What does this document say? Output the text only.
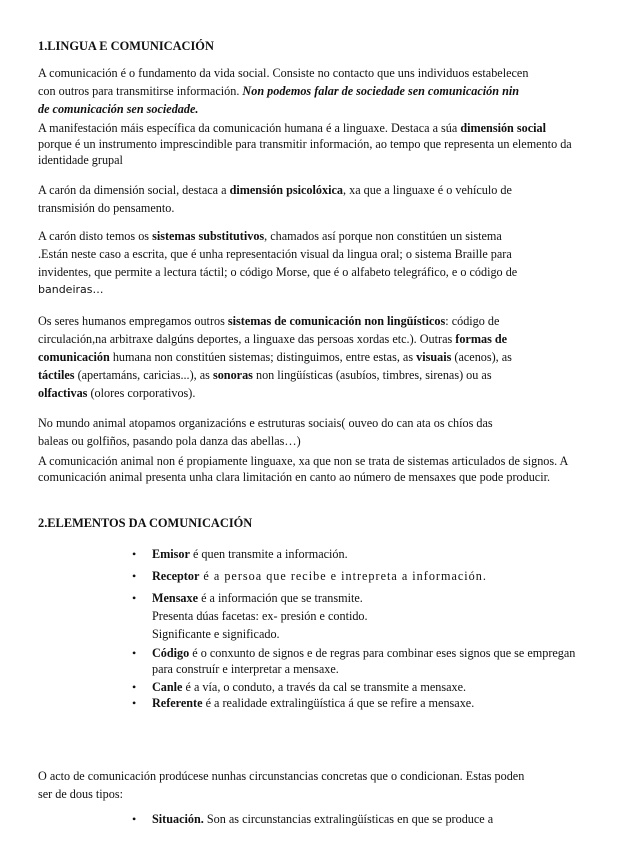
1.LINGUA E COMUNICACIÓN
A comunicación é o fundamento da vida social. Consiste no contacto que uns individuos estabelecen
con outros para transmitirse información. Non podemos falar de sociedade sen comunicación nin
de comunicación sen sociedade.
A manifestación máis específica da comunicación humana é a linguaxe. Destaca a súa dimensión social
porque é un instrumento imprescindible para transmitir información, ao tempo que representa un elemento da
identidade grupal
A carón da dimensión social, destaca a dimensión psicolóxica, xa que a linguaxe é o vehículo de
transmisión do pensamento.
A carón disto temos os sistemas substitutivos, chamados así porque non constitúen un sistema
.Están neste caso a escrita, que é unha representación visual da lingua oral; o sistema Braille para
invidentes, que permite a lectura táctil; o código Morse, que é o alfabeto telegráfico, e o código de
bandeiras…
Os seres humanos empregamos outros sistemas de comunicación non lingüísticos: código de
circulación,na arbitraxe dalgúns deportes, a linguaxe das persoas xordas etc.). Outras formas de
comunicación humana non constitúen sistemas; distinguimos, entre estas, as visuais (acenos), as
táctiles (apertamáns, caricias...), as sonoras non lingüísticas (asubíos, timbres, sirenas) ou as
olfactivas (olores corporativos).
No mundo animal atopamos organizacións e estruturas sociais( ouveo do can ata os chíos das
baleas ou golfiños, pasando pola danza das abellas…)
A comunicación animal non é propiamente linguaxe, xa que non se trata de sistemas articulados de signos. A
comunicación animal presenta unha clara limitación en canto ao número de mensaxes que pode producir.
2.ELEMENTOS DA COMUNICACIÓN
• Emisor é quen transmite a información.
• Receptor é a persoa que recibe e intrepreta a información.
• Mensaxe é a información que se transmite.
Presenta dúas facetas: ex- presión e contido.
Significante e significado.
• Código é o conxunto de signos e de regras para combinar eses signos que se empregan
para construír e interpretar a mensaxe.
• Canle é a vía, o conduto, a través da cal se transmite a mensaxe.
• Referente é a realidade extralingüística á que se refire a mensaxe.
O acto de comunicación prodúcese nunhas circunstancias concretas que o condicionan. Estas poden
ser de dous tipos:
• Situación. Son as circunstancias extralingüísticas en que se produce a
